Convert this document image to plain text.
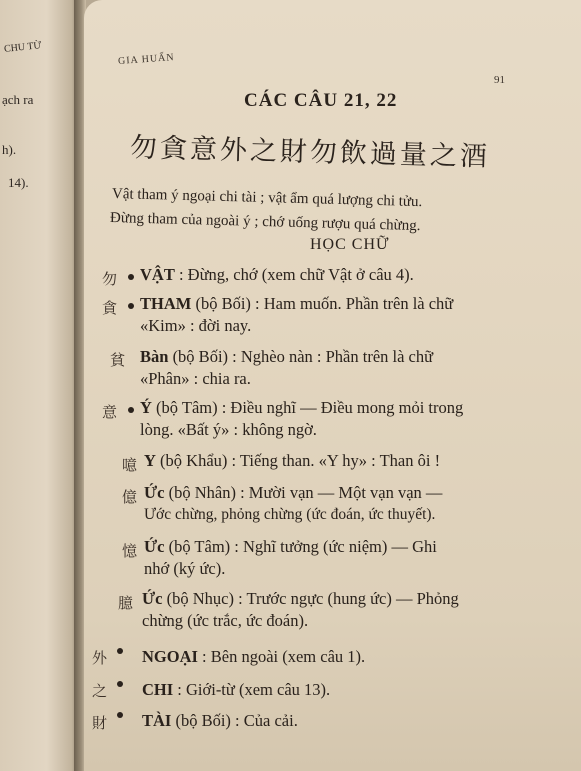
CHU TỪ
ạch ra
h).
14).
GIA HUẤN
91
CÁC CÂU 21, 22
勿貪意外之財勿飲過量之酒
Vật tham ý ngoại chi tài ; vật ẩm quá lượng chi tửu.
Đừng tham của ngoài ý ; chớ uống rượu quá chừng.
HỌC CHỮ
勿 VẬT : Đừng, chớ (xem chữ Vật ở câu 4).
貪 THAM (bộ Bối) : Ham muốn. Phần trên là chữ
«Kim» : đời nay.
貧 Bàn (bộ Bối) : Nghèo nàn : Phần trên là chữ
«Phân» : chia ra.
意 Ý (bộ Tâm) : Điều nghĩ — Điều mong mỏi trong
lòng. «Bất ý» : không ngờ.
噫 Y (bộ Khẩu) : Tiếng than. «Y hy» : Than ôi !
億 Ức (bộ Nhân) : Mười vạn — Một vạn vạn —
Ước chừng, phỏng chừng (ức đoán, ức thuyết).
憶 Ức (bộ Tâm) : Nghĩ tưởng (ức niệm) — Ghi
nhớ (ký ức).
臆 Ức (bộ Nhục) : Trước ngực (hung ức) — Phỏng
chừng (ức trắc, ức đoán).
外 NGOẠI : Bên ngoài (xem câu 1).
之 CHI : Giới-từ (xem câu 13).
財 TÀI (bộ Bối) : Của cải.
